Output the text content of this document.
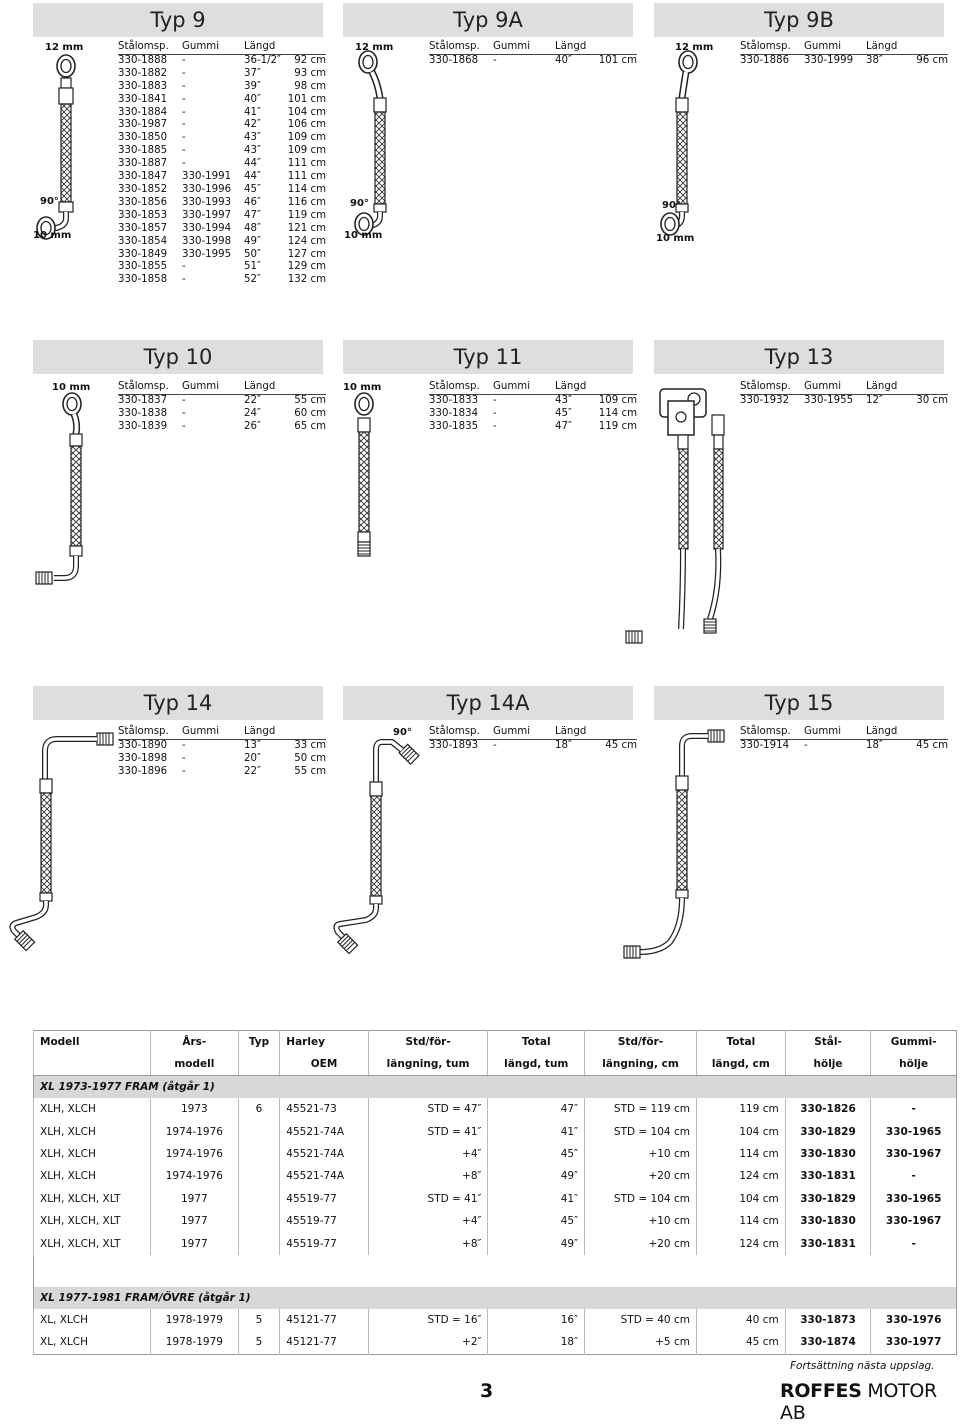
Typ 9
12 mm
90°
10 mm
Stålomsp.	Gummi	Längd
330-1888	-	36-1/2″	92 cm
330-1882	-	37″	93 cm
330-1883	-	39″	98 cm
330-1841	-	40″	101 cm
330-1884	-	41″	104 cm
330-1987	-	42″	106 cm
330-1850	-	43″	109 cm
330-1885	-	43″	109 cm
330-1887	-	44″	111 cm
330-1847	330-1991	44″	111 cm
330-1852	330-1996	45″	114 cm
330-1856	330-1993	46″	116 cm
330-1853	330-1997	47″	119 cm
330-1857	330-1994	48″	121 cm
330-1854	330-1998	49″	124 cm
330-1849	330-1995	50″	127 cm
330-1855	-	51″	129 cm
330-1858	-	52″	132 cm
Typ 9A
12 mm
90°
10 mm
Stålomsp.	Gummi	Längd
330-1868	-	40″	101 cm
Typ 9B
12 mm
90°
10 mm
Stålomsp.	Gummi	Längd
330-1886	330-1999	38″	96 cm
Typ 10
10 mm	Stålomsp.	Gummi	Längd
330-1837	-	22″	55 cm
330-1838	-	24″	60 cm
330-1839	-	26″	65 cm
Typ 11
10 mm	Stålomsp.	Gummi	Längd
330-1833	-	43″	109 cm
330-1834	-	45″	114 cm
330-1835	-	47″	119 cm
Typ 13
Stålomsp.	Gummi	Längd
330-1932	330-1955	12″	30 cm
Typ 14
Stålomsp.	Gummi	Längd
330-1890	-	13″	33 cm
330-1898	-	20″	50 cm
330-1896	-	22″	55 cm
Typ 14A
90° Stålomsp.	Gummi	Längd
330-1893	-	18″	45 cm
Typ 15
Stålomsp.	Gummi	Längd
330-1914	-	18″	45 cm
Modell	Års-	Typ	Harley	Std/för-	Total	Std/för-	Total	Stål-	Gummi-
	modell		OEM	längning, tum	längd, tum	längning, cm	längd, cm	hölje	hölje
XL 1973-1977 FRAM (åtgår 1)									
XLH, XLCH	1973	6	45521-73	STD = 47″	47″	STD = 119 cm	119 cm	330-1826	-
XLH, XLCH	1974-1976		45521-74A	STD = 41″	41″	STD = 104 cm	104 cm	330-1829	330-1965
XLH, XLCH	1974-1976		45521-74A	+4″	45″	+10 cm	114 cm	330-1830	330-1967
XLH, XLCH	1974-1976		45521-74A	+8″	49″	+20 cm	124 cm	330-1831	-
XLH, XLCH, XLT	1977		45519-77	STD = 41″	41″	STD = 104 cm	104 cm	330-1829	330-1965
XLH, XLCH, XLT	1977		45519-77	+4″	45″	+10 cm	114 cm	330-1830	330-1967
XLH, XLCH, XLT	1977		45519-77	+8″	49″	+20 cm	124 cm	330-1831	-

XL 1977-1981 FRAM/ÖVRE (åtgår 1)									
XL, XLCH	1978-1979	5	45121-77	STD = 16″	16″	STD = 40 cm	40 cm	330-1873	330-1976
XL, XLCH	1978-1979	5	45121-77	+2″	18″	+5 cm	45 cm	330-1874	330-1977
Fortsättning nästa uppslag.
3	ROFFES MOTOR AB
